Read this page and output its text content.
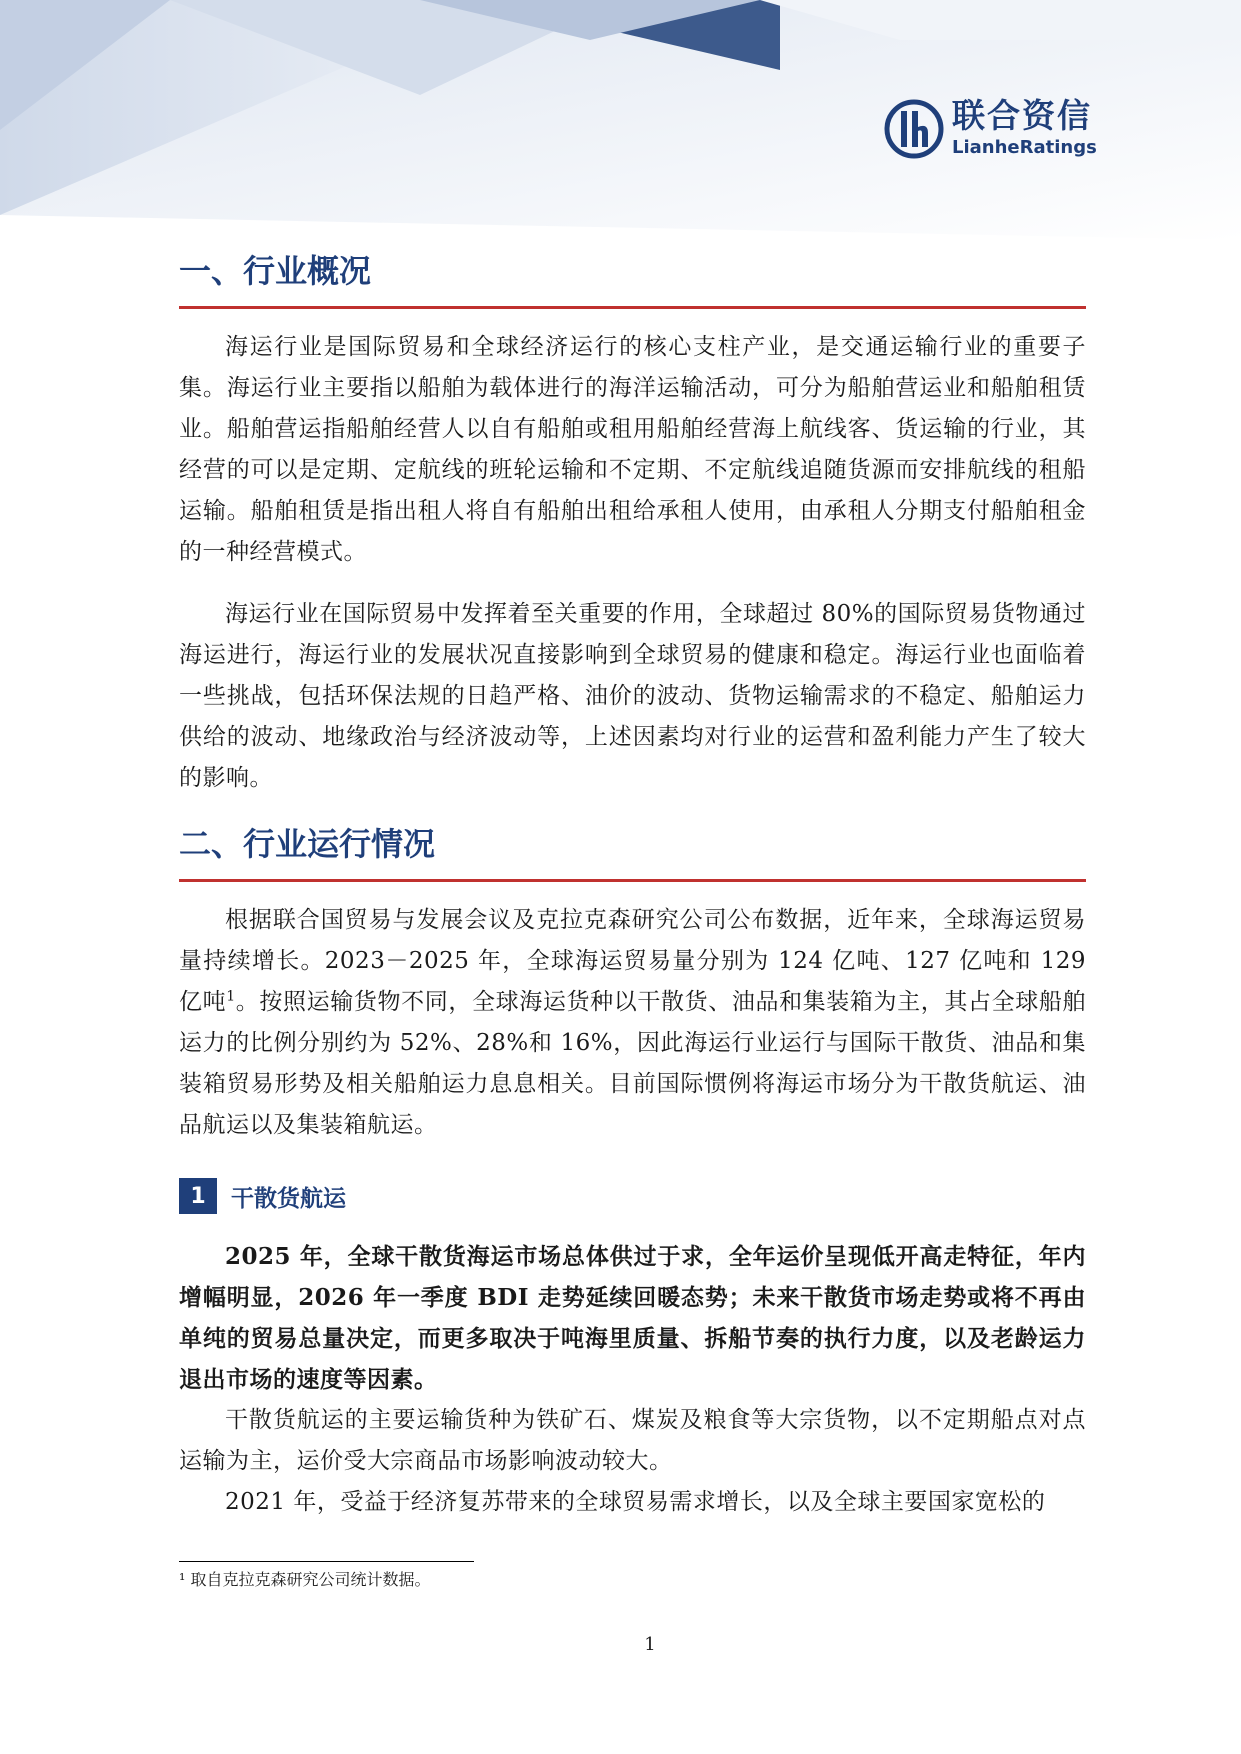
联合资信
LianheRatings
一、行业概况

海运行业是国际贸易和全球经济运行的核心支柱产业，是交通运输行业的重要子集。海运行业主要指以船舶为载体进行的海洋运输活动，可分为船舶营运业和船舶租赁业。船舶营运指船舶经营人以自有船舶或租用船舶经营海上航线客、货运输的行业，其经营的可以是定期、定航线的班轮运输和不定期、不定航线追随货源而安排航线的租船运输。船舶租赁是指出租人将自有船舶出租给承租人使用，由承租人分期支付船舶租金的一种经营模式。

海运行业在国际贸易中发挥着至关重要的作用，全球超过 80%的国际贸易货物通过海运进行，海运行业的发展状况直接影响到全球贸易的健康和稳定。海运行业也面临着一些挑战，包括环保法规的日趋严格、油价的波动、货物运输需求的不稳定、船舶运力供给的波动、地缘政治与经济波动等，上述因素均对行业的运营和盈利能力产生了较大的影响。

二、行业运行情况

根据联合国贸易与发展会议及克拉克森研究公司公布数据，近年来，全球海运贸易量持续增长。2023－2025 年，全球海运贸易量分别为 124 亿吨、127 亿吨和 129 亿吨$^1$。按照运输货物不同，全球海运货种以干散货、油品和集装箱为主，其占全球船舶运力的比例分别约为 52%、28%和 16%，因此海运行业运行与国际干散货、油品和集装箱贸易形势及相关船舶运力息息相关。目前国际惯例将海运市场分为干散货航运、油品航运以及集装箱航运。

1	干散货航运

2025 年，全球干散货海运市场总体供过于求，全年运价呈现低开高走特征，年内增幅明显，2026 年一季度 BDI 走势延续回暖态势；未来干散货市场走势或将不再由单纯的贸易总量决定，而更多取决于吨海里质量、拆船节奏的执行力度，以及老龄运力退出市场的速度等因素。

干散货航运的主要运输货种为铁矿石、煤炭及粮食等大宗货物，以不定期船点对点运输为主，运价受大宗商品市场影响波动较大。

2021 年，受益于经济复苏带来的全球贸易需求增长，以及全球主要国家宽松的

¹ 取自克拉克森研究公司统计数据。
1
